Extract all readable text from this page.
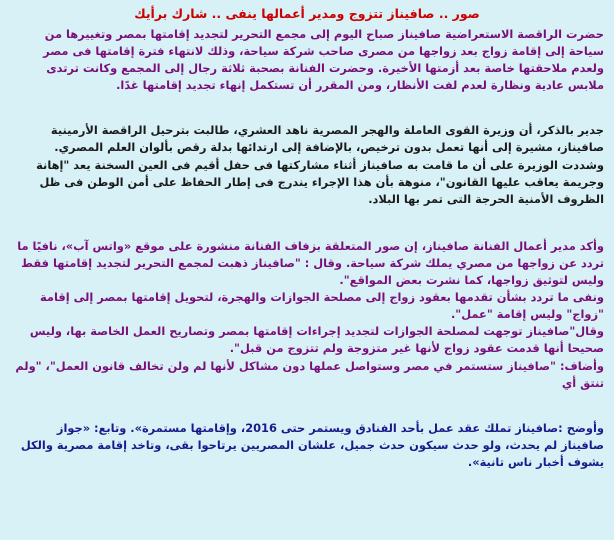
صور .. صافيناز تتزوج ومدير أعمالها ينفى .. شارك برأيك

حضرت الراقصة الاستعراضية صافيناز صباح اليوم إلى مجمع التحرير لتجديد إقامتها بمصر وتغييرها من
سياحة إلى إقامة زواج بعد زواجها من مصرى صاحب شركة سياحة، وذلك لانتهاء فترة إقامتها فى مصر
ولعدم ملاحقتها خاصة بعد أزمتها الأخيرة. وحضرت الفنانة بصحبة ثلاثة رجال إلى المجمع وكانت ترتدى
ملابس عادية ونظارة لعدم لفت الأنظار، ومن المقرر أن تستكمل إنهاء تجديد إقامتها غدًا.

جدير بالذكر، أن وزيرة القوى العاملة والهجر المصرية ناهد العشري، طالبت بترحيل الراقصة الأرمينية
صافيناز، مشيرة إلى أنها تعمل بدون ترخيص، بالإضافة إلى ارتدائها بدلة رقص بألوان العلم المصري.
وشددت الوزيرة على أن ما قامت به صافيناز أثناء مشاركتها فى حفل أقيم فى العين السخنة يعد "إهانة
وجريمة يعاقب عليها القانون"، منوهة بأن هذا الإجراء يندرج فى إطار الحفاظ على أمن الوطن فى ظل
الظروف الأمنية الحرجة التى تمر بها البلاد.

وأكد مدير أعمال الفنانة صافيناز، إن صور المتعلقة بزفاف الفنانة منشورة على موقع «واتس آب»، نافيًا ما
تردد عن زواجها من مصري يملك شركة سياحة. وقال : "صافيناز ذهبت لمجمع التحرير لتجديد إقامتها فقط
وليس لتوثيق زواجها، كما نشرت بعض المواقع".
ونفى ما تردد بشأن تقدمها بعقود زواج إلى مصلحة الجوازات والهجرة، لتحويل إقامتها بمصر إلى إقامة
"زواج" وليس إقامة "عمل".
وقال"صافيناز توجهت لمصلحة الجوازات لتجديد إجراءات إقامتها بمصر وتصاريح العمل الخاصة بها، وليس
صحيحا أنها قدمت عقود زواج لأنها غير متزوجة ولم تتزوج من قبل".
وأضاف: "صافيناز ستستمر في مصر وستواصل عملها دون مشاكل لأنها لم ولن تخالف قانون العمل"، "ولم
تنتق أي

وأوضح :صافيناز تملك عقد عمل بأحد الفنادق ويستمر حتى 2016، وإقامتها مستمرة». وتابع: «جواز
صافيناز لم يحدث، ولو حدث سيكون حدث جميل، علشان المصريين يرتاحوا بقى، وتاخد إقامة مصرية والكل
يشوف أخبار ناس تانية».
